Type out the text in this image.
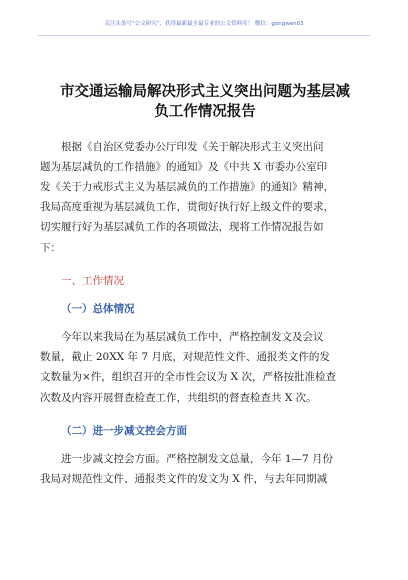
关注头条号“公文研究”，获得最新最全最专业的公文资料库！ 微信：gongwen03
市交通运输局解决形式主义突出问题为基层减
负工作情况报告
根据《自治区党委办公厅印发《关于解决形式主义突出问
题为基层减负的工作措施》的通知》及《中共 X 市委办公室印
发《关于力戒形式主义为基层减负的工作措施》的通知》精神，
我局高度重视为基层减负工作，贯彻好执行好上级文件的要求，
切实履行好为基层减负工作的各项做法，现将工作情况报告如
下：
一、工作情况
（一）总体情况
今年以来我局在为基层减负工作中，严格控制发文及会议
数量，截止 20XX 年 7 月底，对规范性文件、通报类文件的发
文数量为×件，组织召开的全市性会议为 X 次，严格按批准检查
次数及内容开展督查检查工作，共组织的督查检查共 X 次。
（二）进一步减文控会方面
进一步减文控会方面。严格控制发文总量，今年 1—7 月份
我局对规范性文件、通报类文件的发文为 X 件，与去年同期减
